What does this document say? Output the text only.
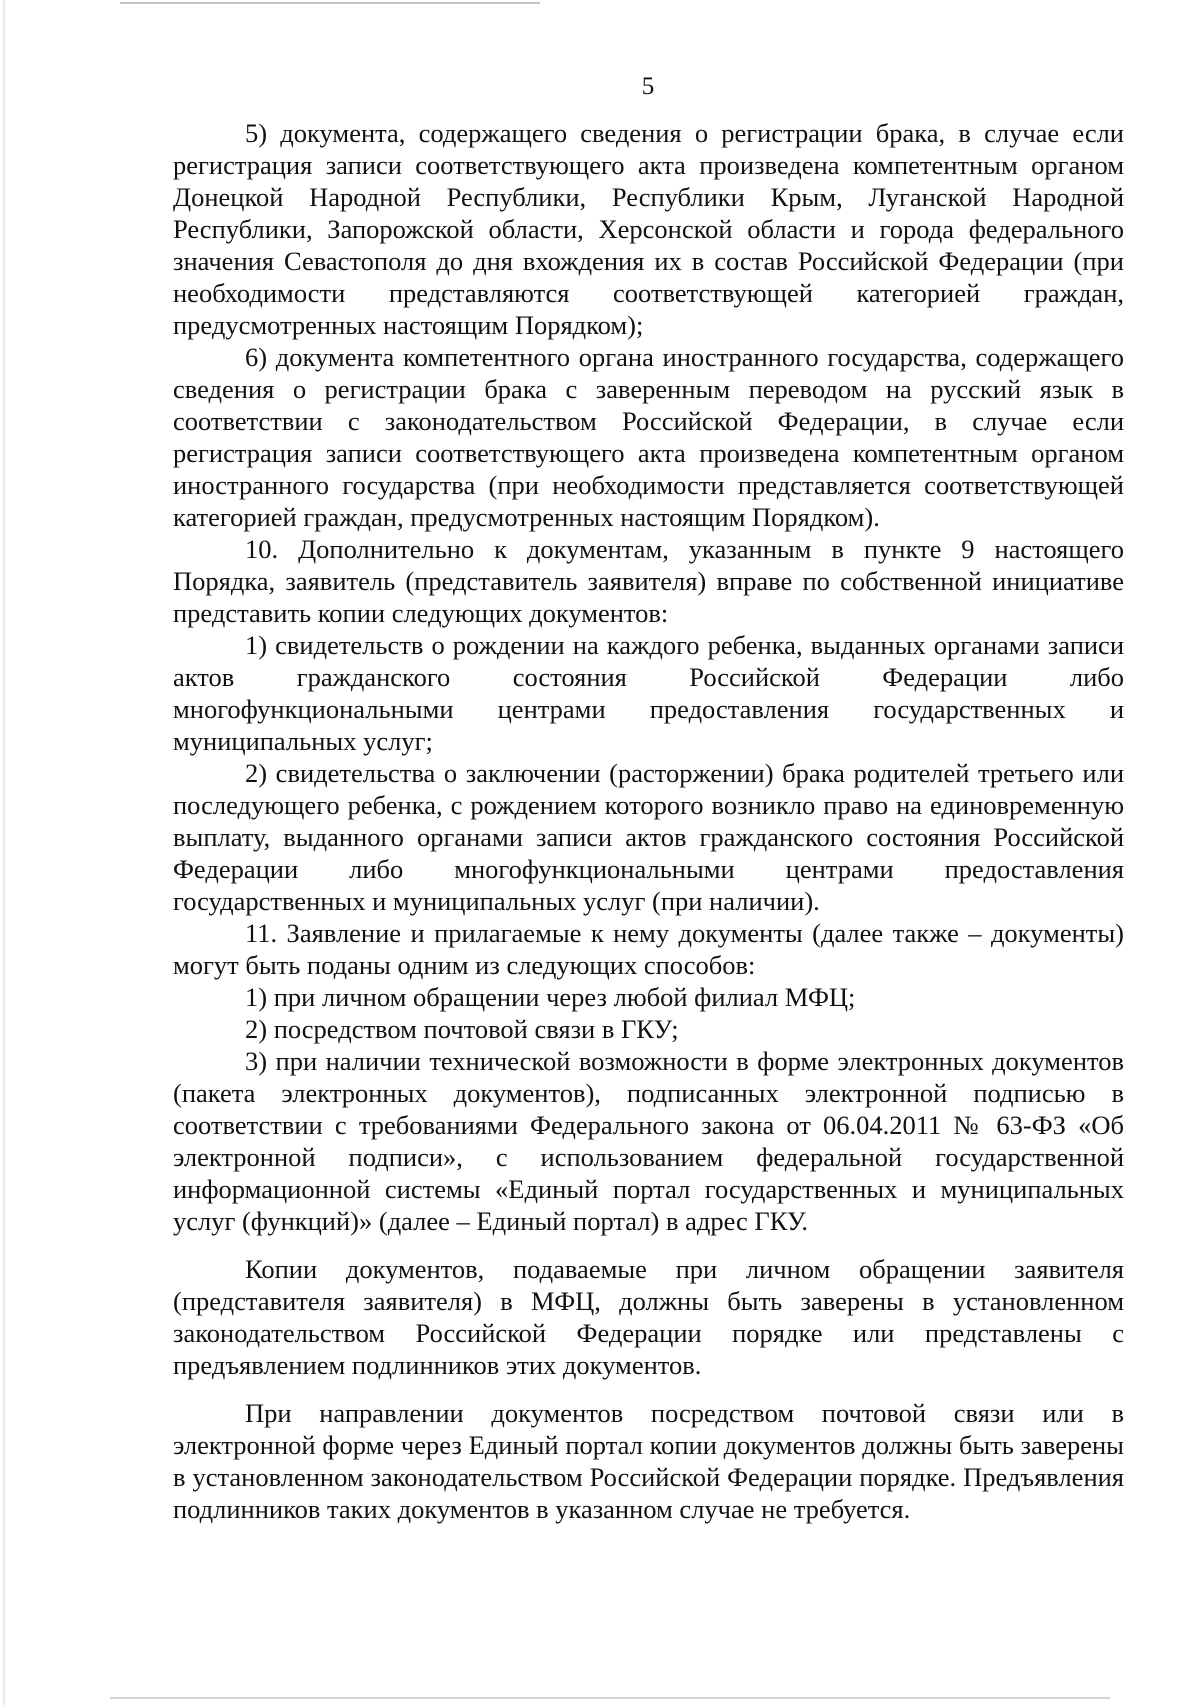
5

5) документа, содержащего сведения о регистрации брака, в случае если регистрация записи соответствующего акта произведена компетентным органом Донецкой Народной Республики, Республики Крым, Луганской Народной Республики, Запорожской области, Херсонской области и города федерального значения Севастополя до дня вхождения их в состав Российской Федерации (при необходимости представляются соответствующей категорией граждан, предусмотренных настоящим Порядком);

6) документа компетентного органа иностранного государства, содержащего сведения о регистрации брака с заверенным переводом на русский язык в соответствии с законодательством Российской Федерации, в случае если регистрация записи соответствующего акта произведена компетентным органом иностранного государства (при необходимости представляется соответствующей категорией граждан, предусмотренных настоящим Порядком).

10. Дополнительно к документам, указанным в пункте 9 настоящего Порядка, заявитель (представитель заявителя) вправе по собственной инициативе представить копии следующих документов:

1) свидетельств о рождении на каждого ребенка, выданных органами записи актов гражданского состояния Российской Федерации либо многофункциональными центрами предоставления государственных и муниципальных услуг;

2) свидетельства о заключении (расторжении) брака родителей третьего или последующего ребенка, с рождением которого возникло право на единовременную выплату, выданного органами записи актов гражданского состояния Российской Федерации либо многофункциональными центрами предоставления государственных и муниципальных услуг (при наличии).

11. Заявление и прилагаемые к нему документы (далее также – документы) могут быть поданы одним из следующих способов:

1) при личном обращении через любой филиал МФЦ;

2) посредством почтовой связи в ГКУ;

3) при наличии технической возможности в форме электронных документов (пакета электронных документов), подписанных электронной подписью в соответствии с требованиями Федерального закона от 06.04.2011 № 63-ФЗ «Об электронной подписи», с использованием федеральной государственной информационной системы «Единый портал государственных и муниципальных услуг (функций)» (далее – Единый портал) в адрес ГКУ.

Копии документов, подаваемые при личном обращении заявителя (представителя заявителя) в МФЦ, должны быть заверены в установленном законодательством Российской Федерации порядке или представлены с предъявлением подлинников этих документов.

При направлении документов посредством почтовой связи или в электронной форме через Единый портал копии документов должны быть заверены в установленном законодательством Российской Федерации порядке. Предъявления подлинников таких документов в указанном случае не требуется.
